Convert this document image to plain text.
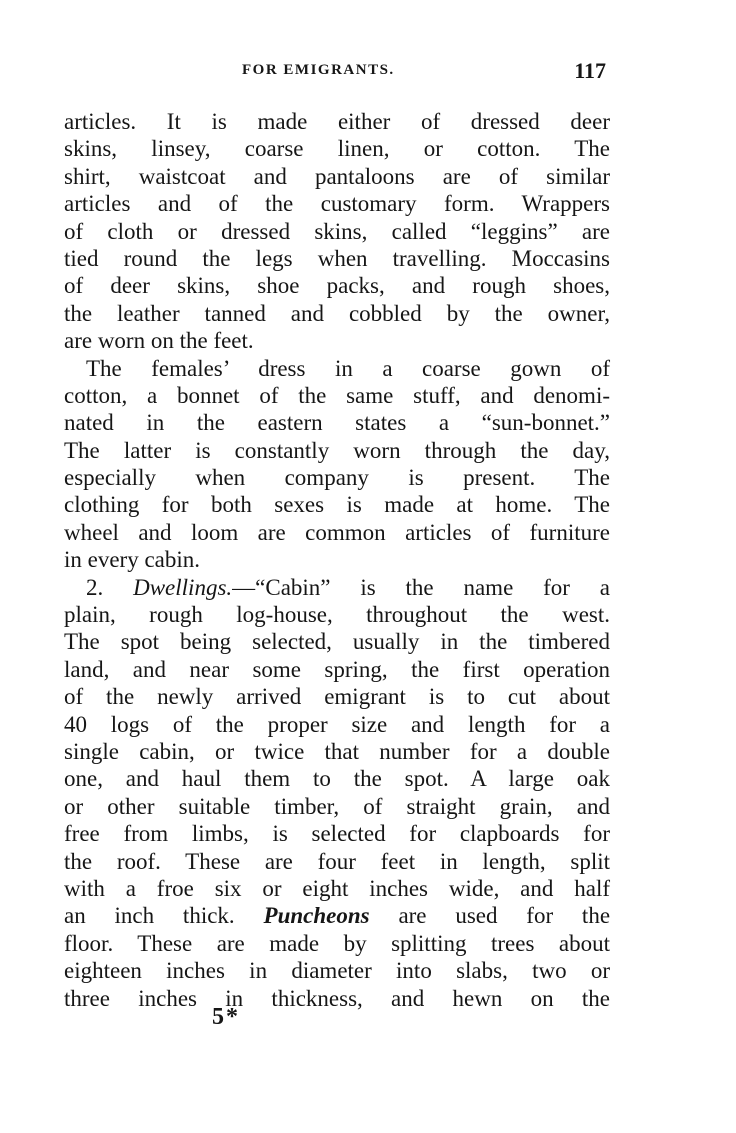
FOR EMIGRANTS.	117
articles. It is made either of dressed deer
skins, linsey, coarse linen, or cotton. The
shirt, waistcoat and pantaloons are of similar
articles and of the customary form. Wrappers
of cloth or dressed skins, called “leggins” are
tied round the legs when travelling. Moccasins
of deer skins, shoe packs, and rough shoes,
the leather tanned and cobbled by the owner,
are worn on the feet.
The females’ dress in a coarse gown of
cotton, a bonnet of the same stuff, and denomi-
nated in the eastern states a “sun-bonnet.”
The latter is constantly worn through the day,
especially when company is present. The
clothing for both sexes is made at home. The
wheel and loom are common articles of furniture
in every cabin.
2. Dwellings.—“Cabin” is the name for a
plain, rough log-house, throughout the west.
The spot being selected, usually in the timbered
land, and near some spring, the first operation
of the newly arrived emigrant is to cut about
40 logs of the proper size and length for a
single cabin, or twice that number for a double
one, and haul them to the spot. A large oak
or other suitable timber, of straight grain, and
free from limbs, is selected for clapboards for
the roof. These are four feet in length, split
with a froe six or eight inches wide, and half
an inch thick. Puncheons are used for the
floor. These are made by splitting trees about
eighteen inches in diameter into slabs, two or
three inches in thickness, and hewn on the
5*
